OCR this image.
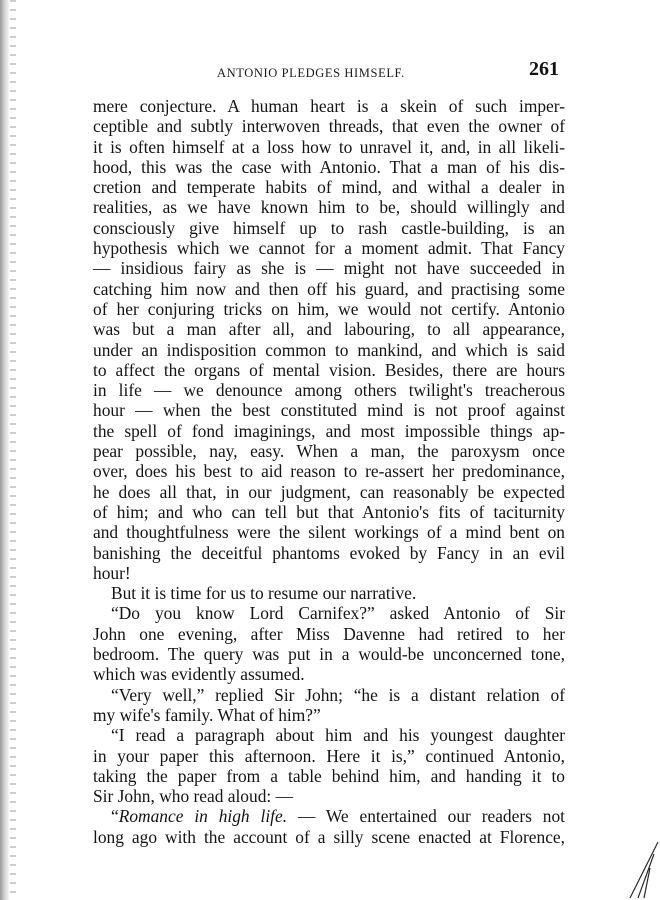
ANTONIO PLEDGES HIMSELF.	261
mere conjecture. A human heart is a skein of such imper-
ceptible and subtly interwoven threads, that even the owner of
it is often himself at a loss how to unravel it, and, in all likeli-
hood, this was the case with Antonio. That a man of his dis-
cretion and temperate habits of mind, and withal a dealer in
realities, as we have known him to be, should willingly and
consciously give himself up to rash castle-building, is an
hypothesis which we cannot for a moment admit. That Fancy
— insidious fairy as she is — might not have succeeded in
catching him now and then off his guard, and practising some
of her conjuring tricks on him, we would not certify. Antonio
was but a man after all, and labouring, to all appearance,
under an indisposition common to mankind, and which is said
to affect the organs of mental vision. Besides, there are hours
in life — we denounce among others twilight's treacherous
hour — when the best constituted mind is not proof against
the spell of fond imaginings, and most impossible things ap-
pear possible, nay, easy. When a man, the paroxysm once
over, does his best to aid reason to re-assert her predominance,
he does all that, in our judgment, can reasonably be expected
of him; and who can tell but that Antonio's fits of taciturnity
and thoughtfulness were the silent workings of a mind bent on
banishing the deceitful phantoms evoked by Fancy in an evil
hour!
But it is time for us to resume our narrative.
“Do you know Lord Carnifex?” asked Antonio of Sir
John one evening, after Miss Davenne had retired to her
bedroom. The query was put in a would-be unconcerned tone,
which was evidently assumed.
“Very well,” replied Sir John; “he is a distant relation of
my wife's family. What of him?”
“I read a paragraph about him and his youngest daughter
in your paper this afternoon. Here it is,” continued Antonio,
taking the paper from a table behind him, and handing it to
Sir John, who read aloud: —
“Romance in high life. — We entertained our readers not
long ago with the account of a silly scene enacted at Florence,
